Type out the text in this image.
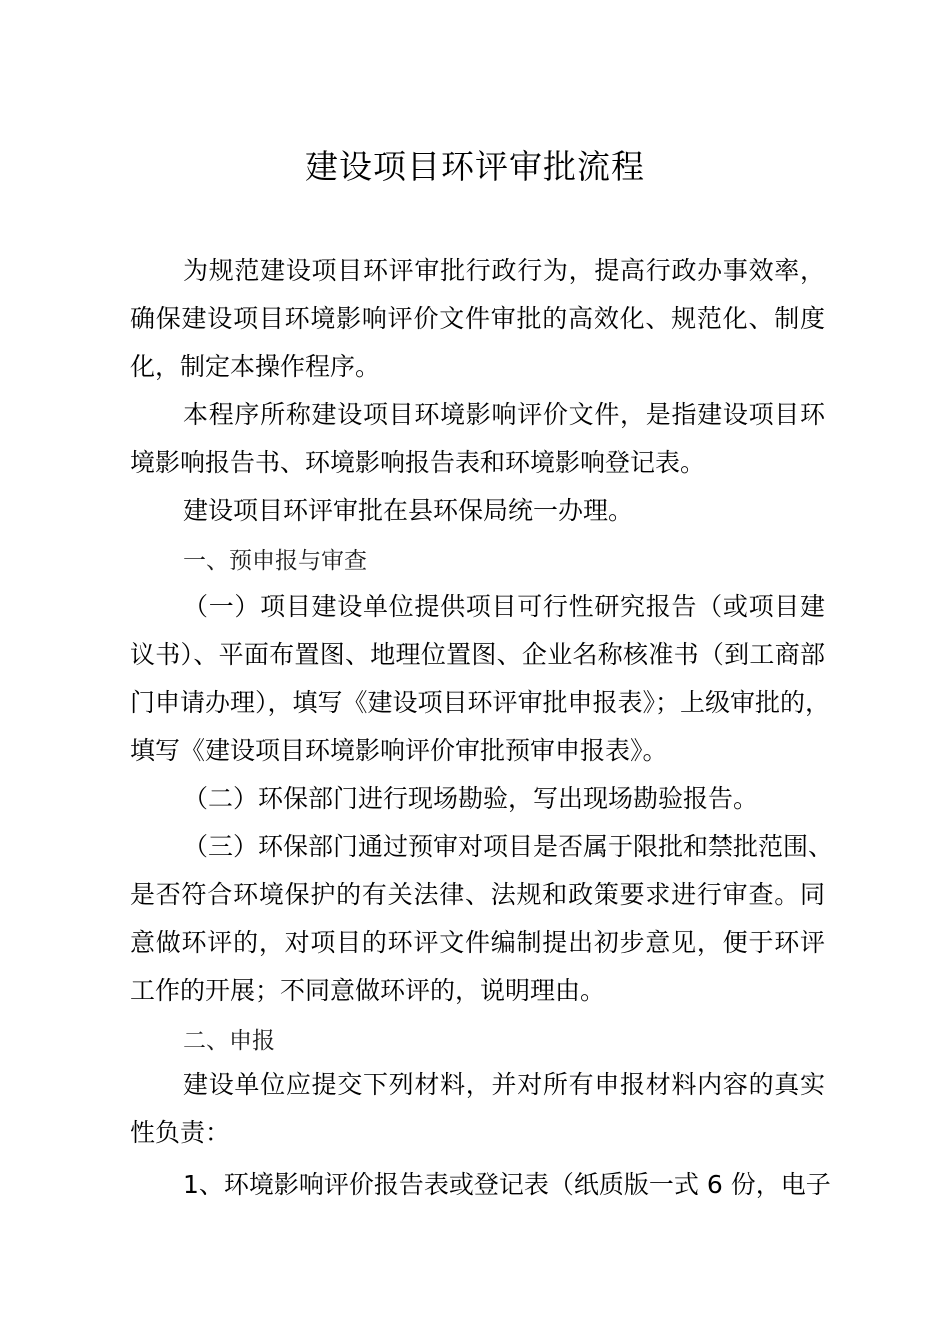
建设项目环评审批流程
为规范建设项目环评审批行政行为，提高行政办事效率，
确保建设项目环境影响评价文件审批的高效化、规范化、制度
化，制定本操作程序。
本程序所称建设项目环境影响评价文件，是指建设项目环
境影响报告书、环境影响报告表和环境影响登记表。
建设项目环评审批在县环保局统一办理。
一、预申报与审查
（一）项目建设单位提供项目可行性研究报告（或项目建
议书）、平面布置图、地理位置图、企业名称核准书（到工商部
门申请办理），填写《建设项目环评审批申报表》；上级审批的，
填写《建设项目环境影响评价审批预审申报表》。
（二）环保部门进行现场勘验，写出现场勘验报告。
（三）环保部门通过预审对项目是否属于限批和禁批范围、
是否符合环境保护的有关法律、法规和政策要求进行审查。同
意做环评的，对项目的环评文件编制提出初步意见，便于环评
工作的开展；不同意做环评的，说明理由。
二、申报
建设单位应提交下列材料，并对所有申报材料内容的真实
性负责：
1、环境影响评价报告表或登记表（纸质版一式 6 份，电子
